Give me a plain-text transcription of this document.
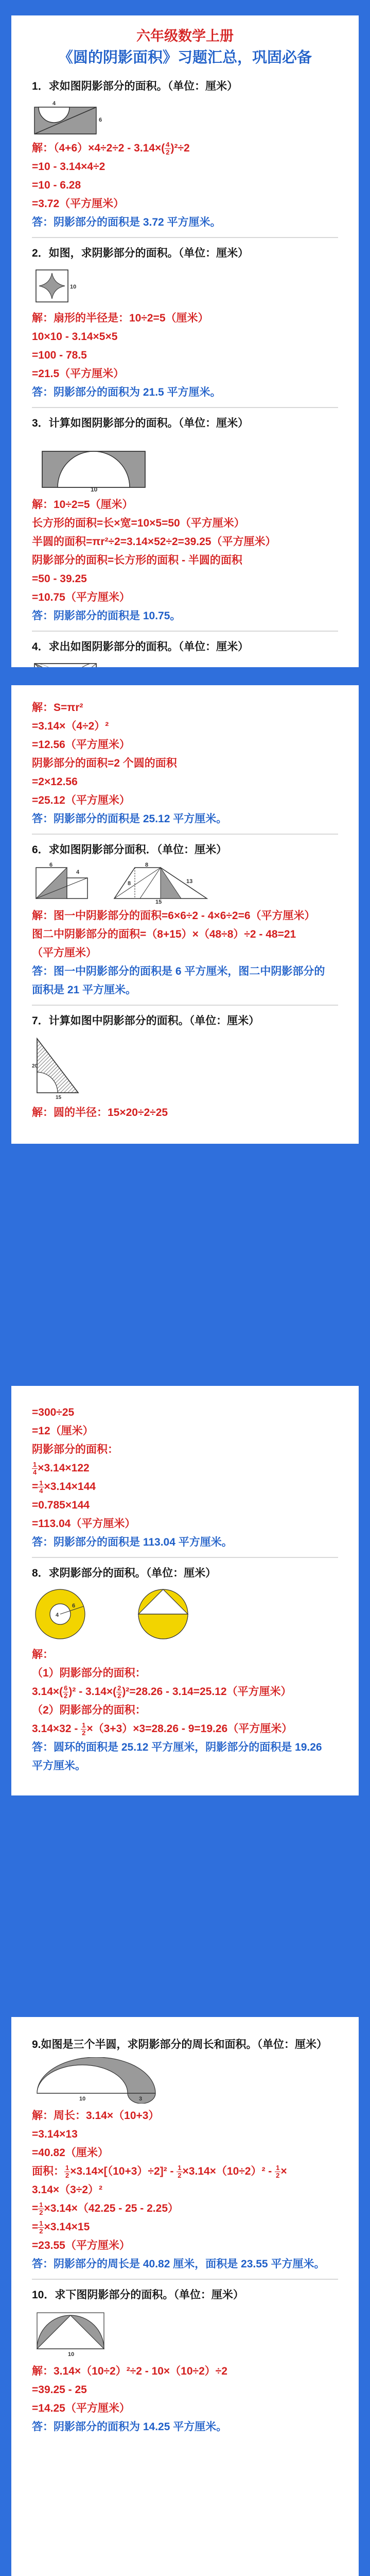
六年级数学上册
《圆的阴影面积》习题汇总，巩固必备
1．求如图阴影部分的面积。（单位：厘米）
4
6
解：$(4+6)\times 4\div 2\div 2 - 3.14\times( \frac{4}{2} )^2\div 2$
=10 - 3.14×4÷2
=10 - 6.28
=3.72（平方厘米）
答：阴影部分的面积是 3.72 平方厘米。
2．如图，求阴影部分的面积。（单位：厘米）
10
解：扇形的半径是：10÷2=5（厘米）
10×10 - 3.14×5×5
=100 - 78.5
=21.5（平方厘米）
答：阴影部分的面积为 21.5 平方厘米。
3．计算如图阴影部分的面积。（单位：厘米）
10
解：10÷2=5（厘米）
长方形的面积=长×宽=10×5=50（平方厘米）
半圆的面积=πr²÷2=3.14×52÷2=39.25（平方厘米）
阴影部分的面积=长方形的面积 - 半圆的面积
=50 - 39.25
=10.75（平方厘米）
答：阴影部分的面积是 10.75。
4．求出如图阴影部分的面积。（单位：厘米）
解：S=πr²
=3.14×（4÷2）²
=12.56（平方厘米）
阴影部分的面积=2 个圆的面积
=2×12.56
=25.12（平方厘米）
答：阴影部分的面积是 25.12 平方厘米。
6．求如图阴影部分面积．（单位：厘米）
4
6	8
15
13
8
解：图一中阴影部分的面积=6×6÷2 - 4×6÷2=6（平方厘米）
图二中阴影部分的面积=（8+15）×（48÷8）÷2 - 48=21
（平方厘米）
答：图一中阴影部分的面积是 6 平方厘米，图二中阴影部分的
面积是 21 平方厘米。
7．计算如图中阴影部分的面积。（单位：厘米）
20
15
解：圆的半径：15×20÷2÷25
=300÷25
=12（厘米）
阴影部分的面积：
$\frac{1}{4} \times 3.14\times 122$
= $\frac{1}{4} \times 3.14\times 144$
=0.785×144
=113.04（平方厘米）
答：阴影部分的面积是 113.04 平方厘米。
8．求阴影部分的面积。（单位：厘米）
6
4
解：
（1）阴影部分的面积：
$3.14\times( \frac{6}{2} )^2 - 3.14\times( \frac{2}{2} )^2=28.26 - 3.14=25.12$（平方厘米）
（2）阴影部分的面积：
$3.14\times 32 - \frac{1}{2} \times(3+3)\times 3=28.26 - 9=19.26$（平方厘米）
答：圆环的面积是 25.12 平方厘米，阴影部分的面积是 19.26
平方厘米。
9.如图是三个半圆，求阴影部分的周长和面积。（单位：厘米）
10	3
解：周长：3.14×（10+3）
=3.14×13
=40.82（厘米）
面积： $\frac{1}{2} \times 3.14\times[(10+3)\div 2]^2 - \frac{1}{2} \times 3.14\times(10\div 2)^2 - \frac{1}{2}$ ×
3.14×（3÷2）²
= $\frac{1}{2} \times 3.14\times(42.25 - 25 - 2.25)$
= $\frac{1}{2} \times 3.14\times 15$
=23.55（平方厘米）
答：阴影部分的周长是 40.82 厘米，面积是 23.55 平方厘米。
10．求下图阴影部分的面积。（单位：厘米）
10
解：3.14×（10÷2）²÷2 - 10×（10÷2）÷2
=39.25 - 25
=14.25（平方厘米）
答：阴影部分的面积为 14.25 平方厘米。
